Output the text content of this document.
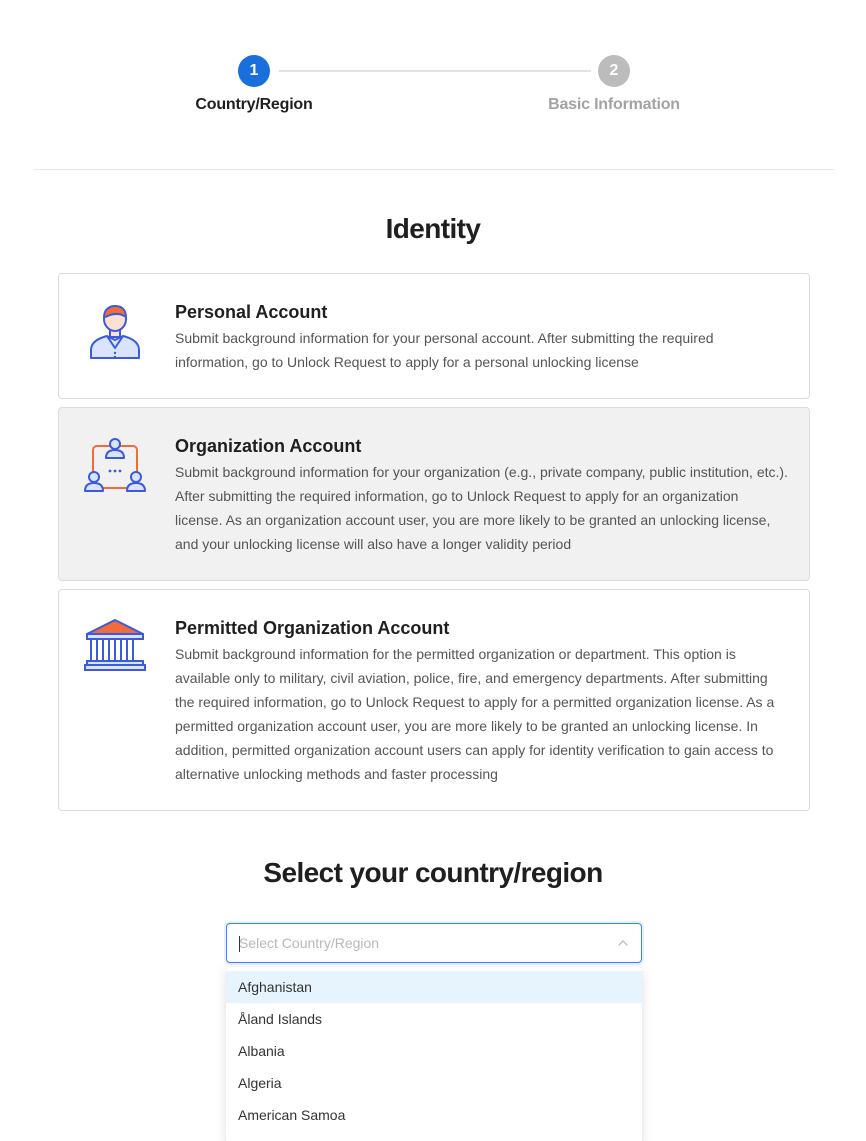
1
Country/Region
2
Basic Information
Identity
Personal Account
Submit background information for your personal account. After submitting the required information, go to Unlock Request to apply for a personal unlocking license
Organization Account
Submit background information for your organization (e.g., private company, public institution, etc.). After submitting the required information, go to Unlock Request to apply for an organization license. As an organization account user, you are more likely to be granted an unlocking license, and your unlocking license will also have a longer validity period
Permitted Organization Account
Submit background information for the permitted organization or department. This option is available only to military, civil aviation, police, fire, and emergency departments. After submitting the required information, go to Unlock Request to apply for a permitted organization license. As a permitted organization account user, you are more likely to be granted an unlocking license. In addition, permitted organization account users can apply for identity verification to gain access to alternative unlocking methods and faster processing
Select your country/region
Select Country/Region
Afghanistan
Åland Islands
Albania
Algeria
American Samoa
